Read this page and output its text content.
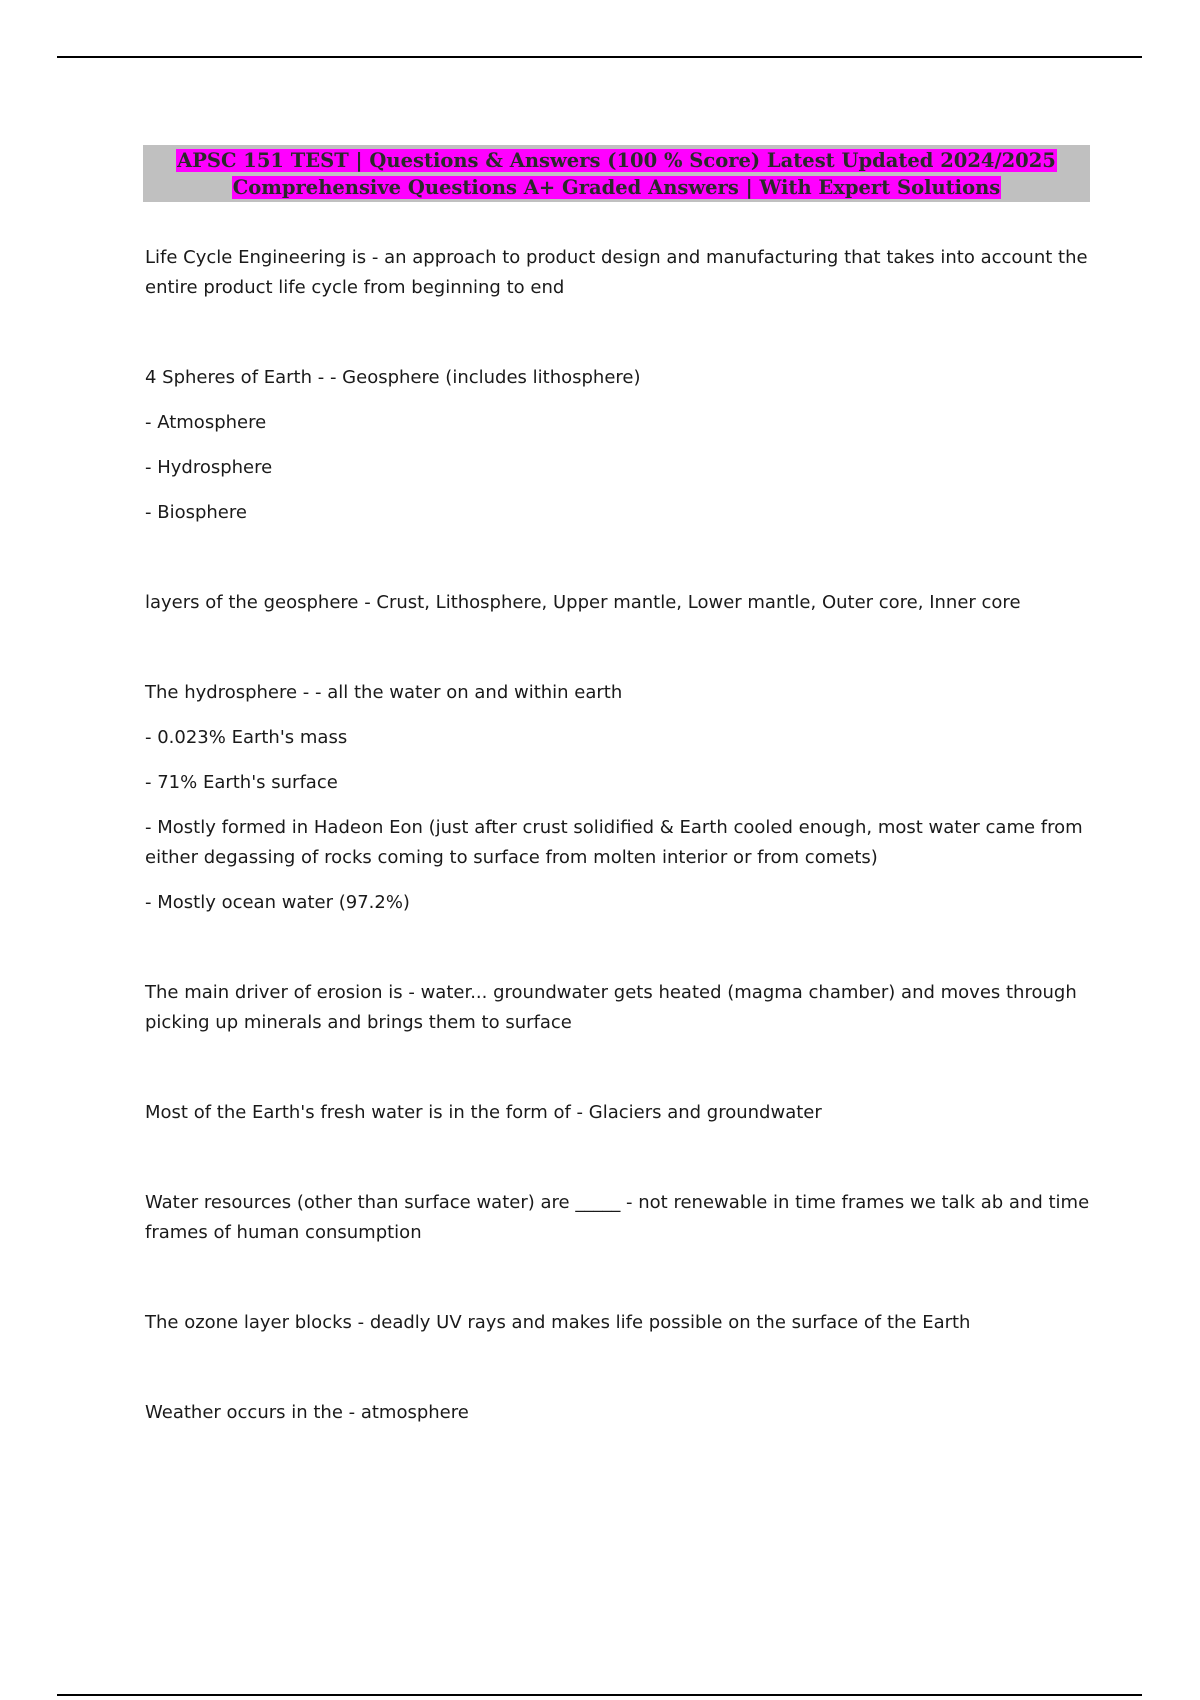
APSC 151 TEST | Questions & Answers (100 % Score) Latest Updated 2024/2025
Comprehensive Questions A+ Graded Answers | With Expert Solutions

Life Cycle Engineering is - an approach to product design and manufacturing that takes into account the entire product life cycle from beginning to end

4 Spheres of Earth - - Geosphere (includes lithosphere)

- Atmosphere

- Hydrosphere

- Biosphere

layers of the geosphere - Crust, Lithosphere, Upper mantle, Lower mantle, Outer core, Inner core

The hydrosphere - - all the water on and within earth

- 0.023% Earth's mass

- 71% Earth's surface

- Mostly formed in Hadeon Eon (just after crust solidified & Earth cooled enough, most water came from either degassing of rocks coming to surface from molten interior or from comets)

- Mostly ocean water (97.2%)

The main driver of erosion is - water... groundwater gets heated (magma chamber) and moves through picking up minerals and brings them to surface

Most of the Earth's fresh water is in the form of - Glaciers and groundwater

Water resources (other than surface water) are _____ - not renewable in time frames we talk ab and time frames of human consumption

The ozone layer blocks - deadly UV rays and makes life possible on the surface of the Earth

Weather occurs in the - atmosphere
